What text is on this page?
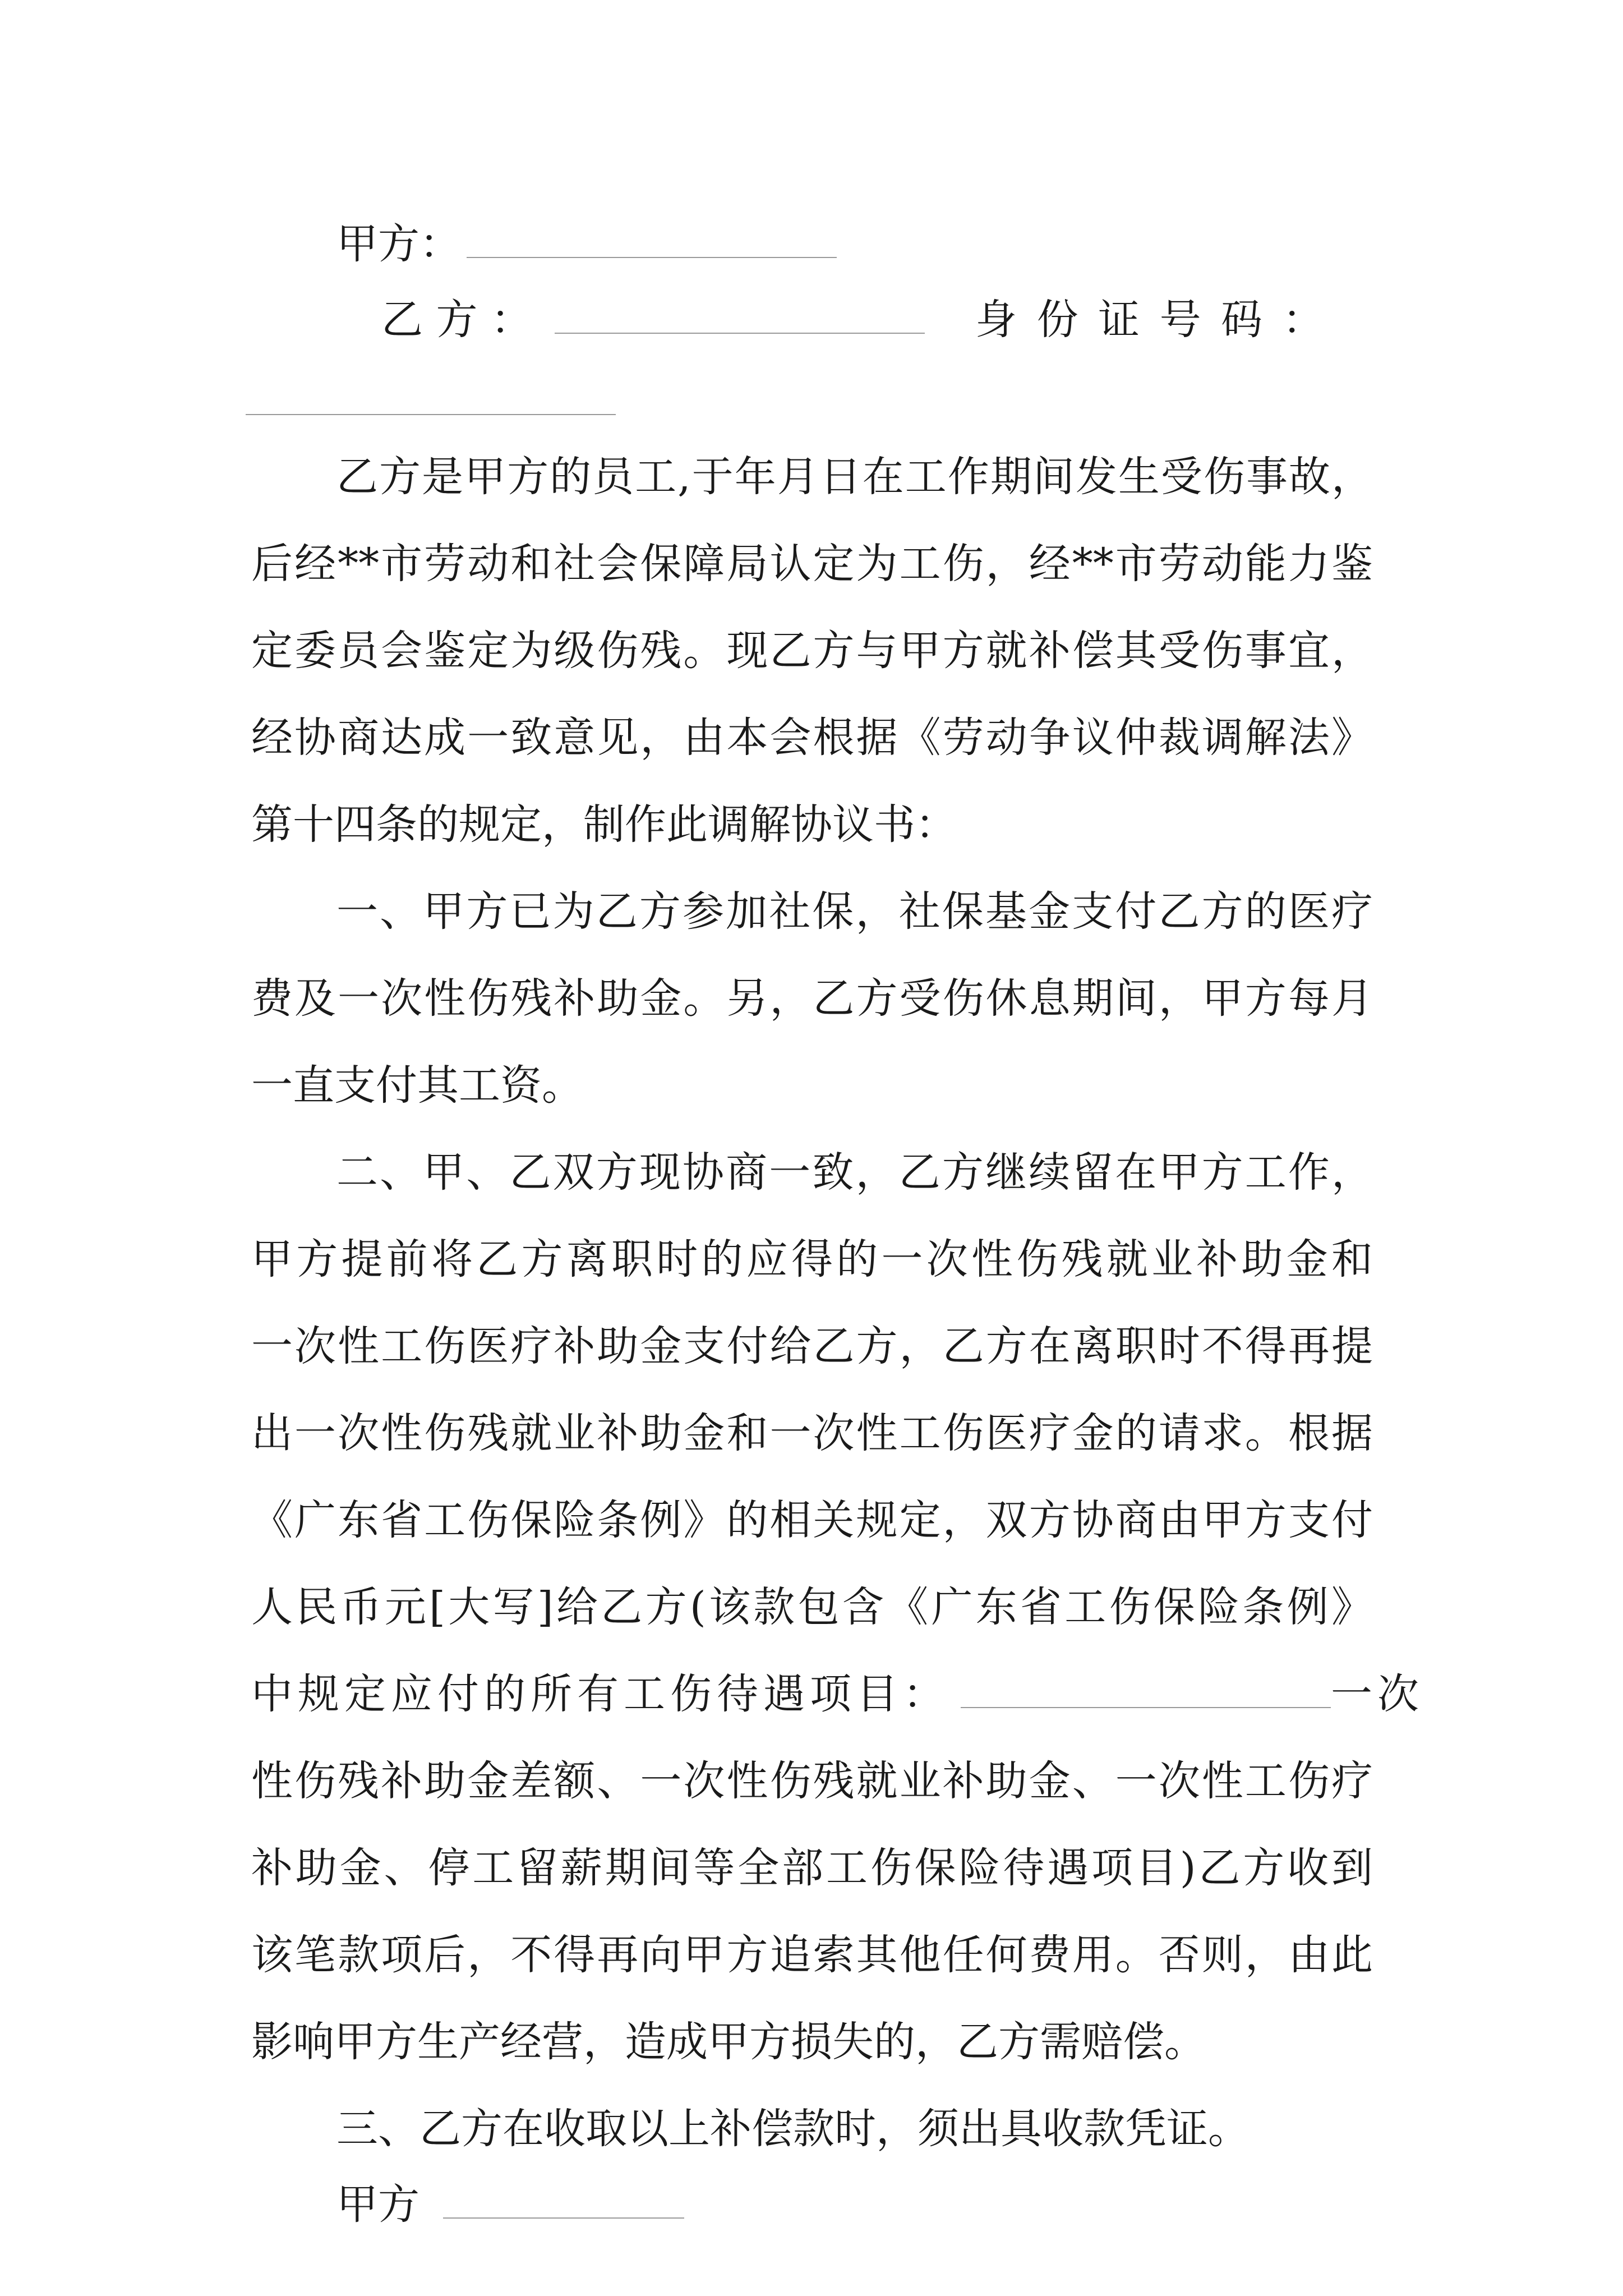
甲方：
乙 方 ：	身 份 证 号 码 ：
乙方是甲方的员工,于年月日在工作期间发生受伤事故，
后经**市劳动和社会保障局认定为工伤，经**市劳动能力鉴
定委员会鉴定为级伤残。现乙方与甲方就补偿其受伤事宜，
经协商达成一致意见，由本会根据《劳动争议仲裁调解法》
第十四条的规定，制作此调解协议书：
一、甲方已为乙方参加社保，社保基金支付乙方的医疗
费及一次性伤残补助金。另，乙方受伤休息期间，甲方每月
一直支付其工资。
二、甲、乙双方现协商一致，乙方继续留在甲方工作，
甲方提前将乙方离职时的应得的一次性伤残就业补助金和
一次性工伤医疗补助金支付给乙方，乙方在离职时不得再提
出一次性伤残就业补助金和一次性工伤医疗金的请求。根据
《广东省工伤保险条例》的相关规定，双方协商由甲方支付
人民币元[大写]给乙方(该款包含《广东省工伤保险条例》
中规定应付的所有工伤待遇项目：	一次
性伤残补助金差额、一次性伤残就业补助金、一次性工伤疗
补助金、停工留薪期间等全部工伤保险待遇项目)乙方收到
该笔款项后，不得再向甲方追索其他任何费用。否则，由此
影响甲方生产经营，造成甲方损失的，乙方需赔偿。
三、乙方在收取以上补偿款时，须出具收款凭证。
甲方
